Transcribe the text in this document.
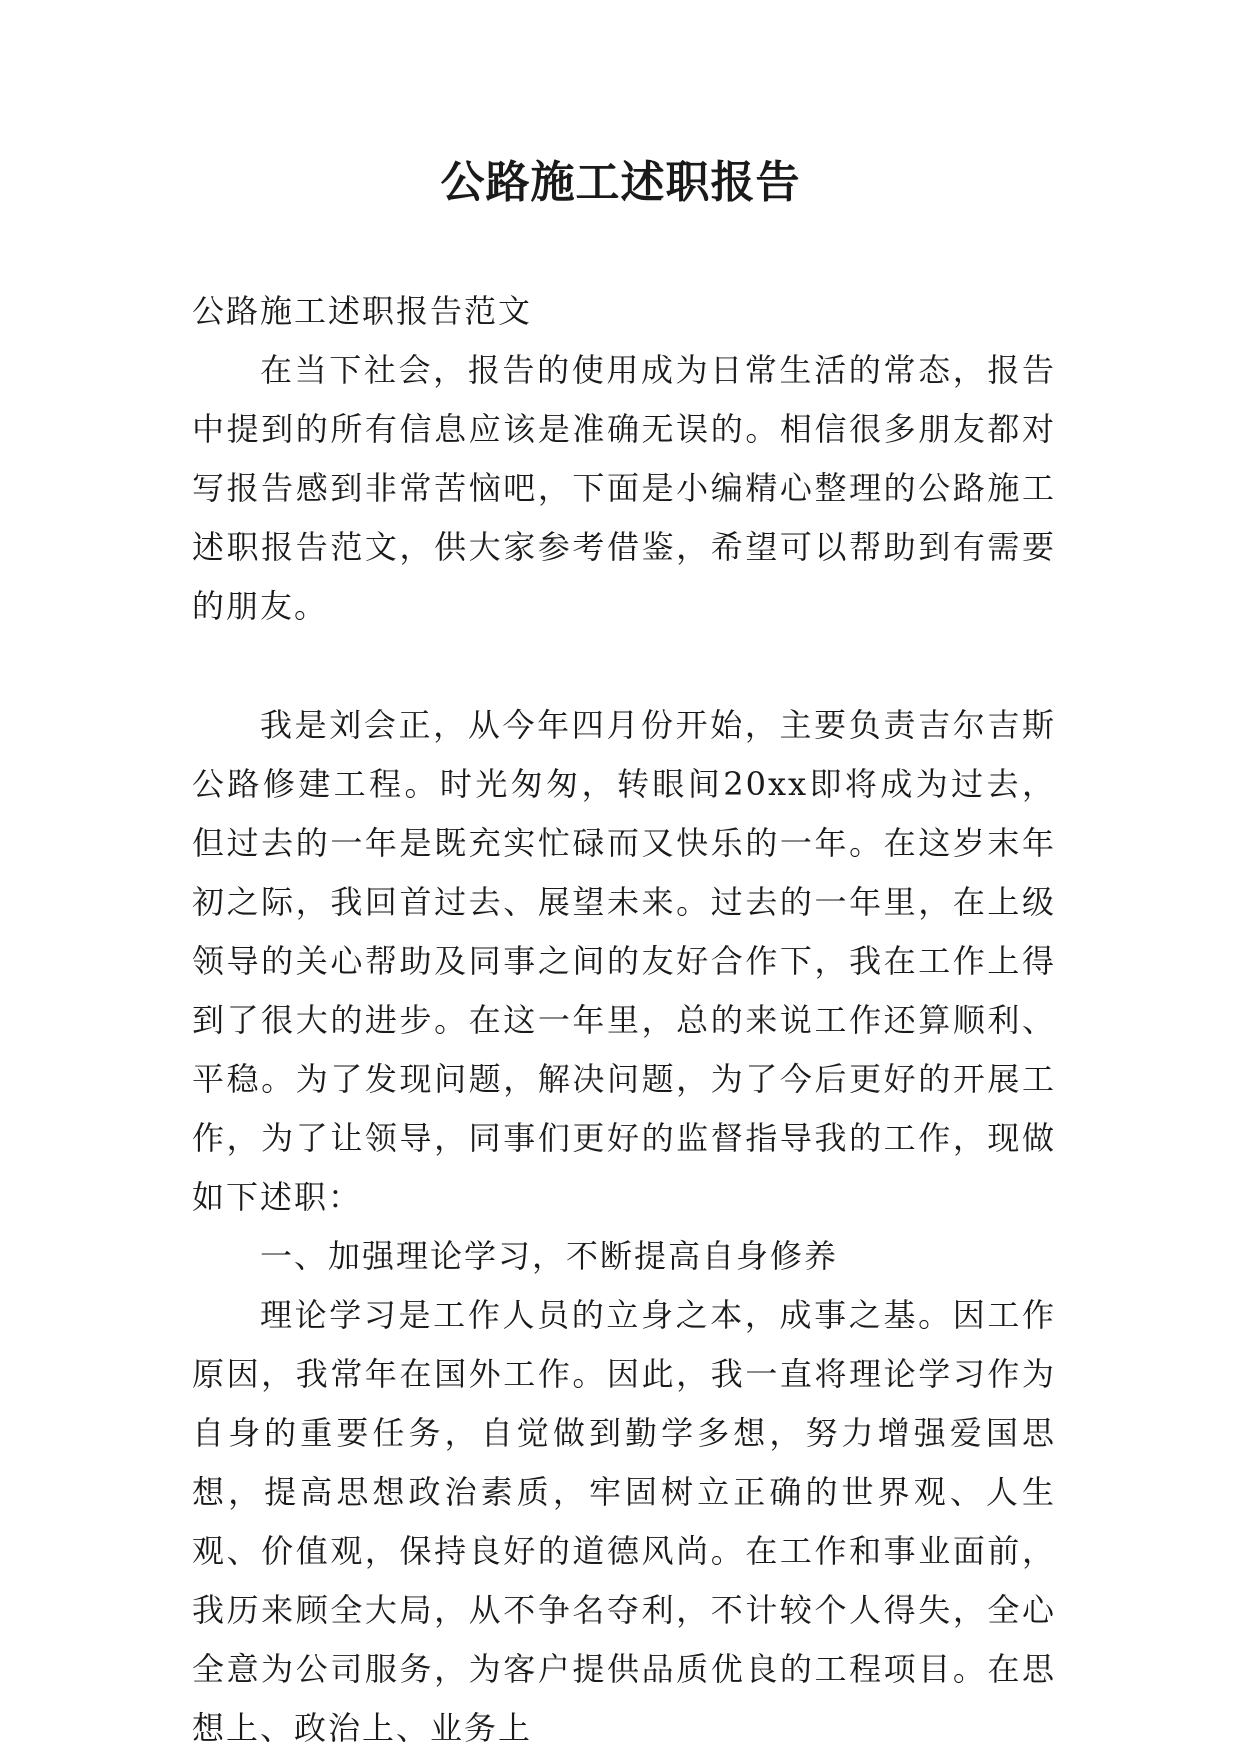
公路施工述职报告

公路施工述职报告范文

在当下社会，报告的使用成为日常生活的常态，报告中提到的所有信息应该是准确无误的。相信很多朋友都对写报告感到非常苦恼吧，下面是小编精心整理的公路施工述职报告范文，供大家参考借鉴，希望可以帮助到有需要的朋友。

我是刘会正，从今年四月份开始，主要负责吉尔吉斯公路修建工程。时光匆匆，转眼间20xx即将成为过去，但过去的一年是既充实忙碌而又快乐的一年。在这岁末年初之际，我回首过去、展望未来。过去的一年里，在上级领导的关心帮助及同事之间的友好合作下，我在工作上得到了很大的进步。在这一年里，总的来说工作还算顺利、平稳。为了发现问题，解决问题，为了今后更好的开展工作，为了让领导，同事们更好的监督指导我的工作，现做如下述职：

一、加强理论学习，不断提高自身修养

理论学习是工作人员的立身之本，成事之基。因工作原因，我常年在国外工作。因此，我一直将理论学习作为自身的重要任务，自觉做到勤学多想，努力增强爱国思想，提高思想政治素质，牢固树立正确的世界观、人生观、价值观，保持良好的道德风尚。在工作和事业面前，我历来顾全大局，从不争名夺利，不计较个人得失，全心全意为公司服务，为客户提供品质优良的工程项目。在思想上、政治上、业务上
